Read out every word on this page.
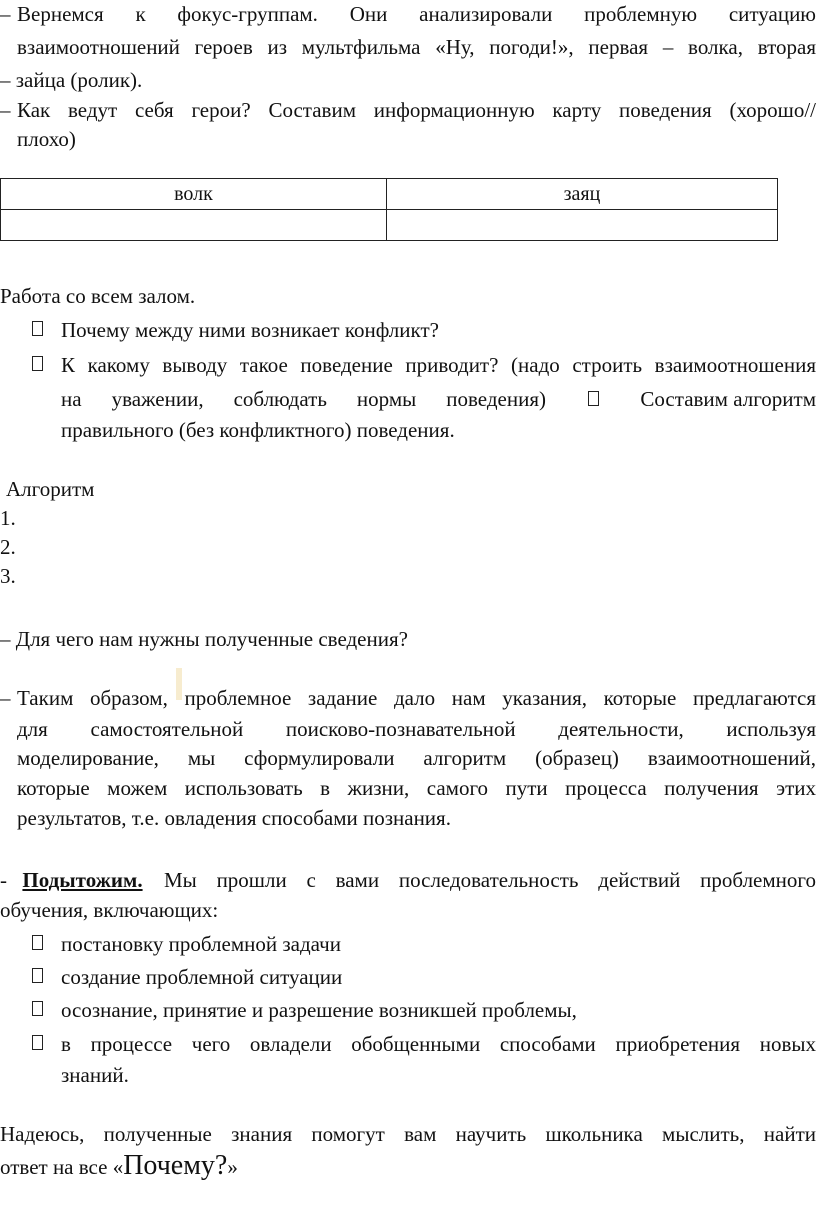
– Вернемся к фокус-группам. Они анализировали проблемную ситуацию
взаимоотношений героев из мультфильма «Ну, погоди!», первая – волка, вторая
– зайца (ролик).
– Как ведут себя герои? Составим информационную карту поведения (хорошо//
плохо)
волк	заяц

Работа со всем залом.
Почему между ними возникает конфликт?
К какому выводу такое поведение приводит? (надо строить взаимоотношения
на уважении, соблюдать нормы поведения)	Составим алгоритм
правильного (без конфликтного) поведения.
Алгоритм
1.
2.
3.
– Для чего нам нужны полученные сведения?
– Таким образом, проблемное задание дало нам указания, которые предлагаются
для самостоятельной поисково-познавательной деятельности, используя
моделирование, мы сформулировали алгоритм (образец) взаимоотношений,
которые можем использовать в жизни, самого пути процесса получения этих
результатов, т.е. овладения способами познания.
- Подытожим. Мы прошли с вами последовательность действий проблемного
обучения, включающих:
постановку проблемной задачи
создание проблемной ситуации
осознание, принятие и разрешение возникшей проблемы,
в процессе чего овладели обобщенными способами приобретения новых
знаний.
Надеюсь, полученные знания помогут вам научить школьника мыслить, найти
ответ на все «Почему?»
